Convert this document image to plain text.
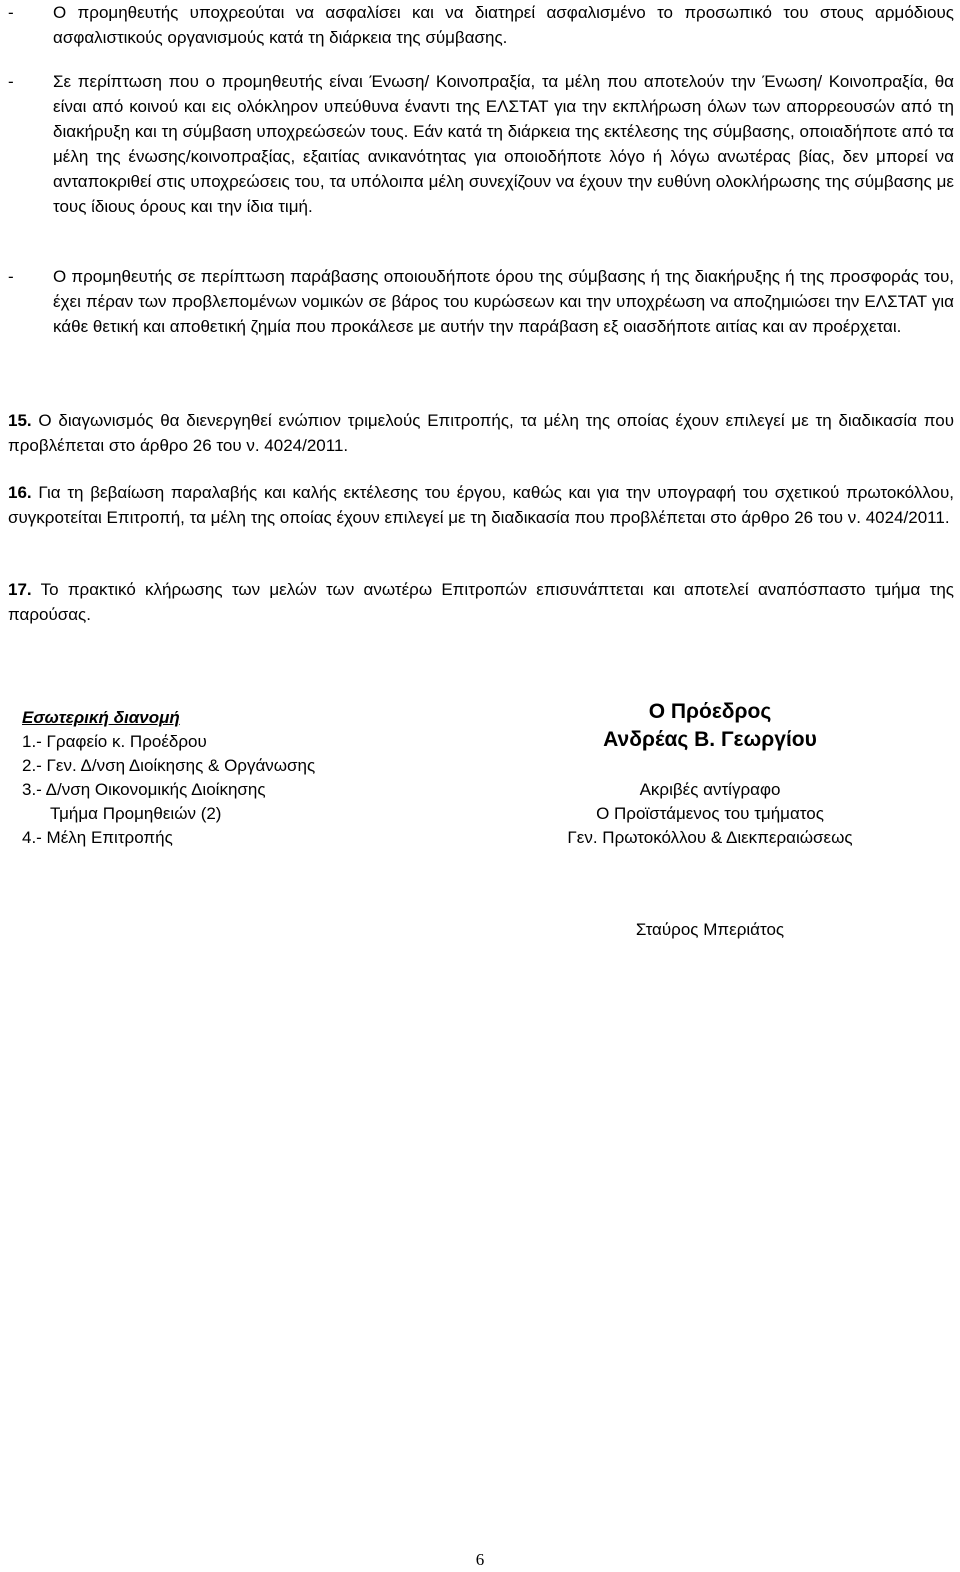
- Ο προμηθευτής υποχρεούται να ασφαλίσει και να διατηρεί ασφαλισμένο το προσωπικό του στους αρμόδιους ασφαλιστικούς οργανισμούς κατά τη διάρκεια της σύμβασης.
- Σε περίπτωση που ο προμηθευτής είναι Ένωση/ Κοινοπραξία, τα μέλη που αποτελούν την Ένωση/ Κοινοπραξία, θα είναι από κοινού και εις ολόκληρον υπεύθυνα έναντι της ΕΛΣΤΑΤ για την εκπλήρωση όλων των απορρεουσών από τη διακήρυξη και τη σύμβαση υποχρεώσεών τους. Εάν κατά τη διάρκεια της εκτέλεσης της σύμβασης, οποιαδήποτε από τα μέλη της ένωσης/κοινοπραξίας, εξαιτίας ανικανότητας για οποιοδήποτε λόγο ή λόγω ανωτέρας βίας, δεν μπορεί να ανταποκριθεί στις υποχρεώσεις του, τα υπόλοιπα μέλη συνεχίζουν να έχουν την ευθύνη ολοκλήρωσης της σύμβασης με τους ίδιους όρους και την ίδια τιμή.
- Ο προμηθευτής σε περίπτωση παράβασης οποιουδήποτε όρου της σύμβασης ή της διακήρυξης ή της προσφοράς του, έχει πέραν των προβλεπομένων νομικών σε βάρος του κυρώσεων και την υποχρέωση να αποζημιώσει την ΕΛΣΤΑΤ για κάθε θετική και αποθετική ζημία που προκάλεσε με αυτήν την παράβαση εξ οιασδήποτε αιτίας και αν προέρχεται.
15. Ο διαγωνισμός θα διενεργηθεί ενώπιον τριμελούς Επιτροπής, τα μέλη της οποίας έχουν επιλεγεί με τη διαδικασία που προβλέπεται στο άρθρο 26 του ν. 4024/2011.
16. Για τη βεβαίωση παραλαβής και καλής εκτέλεσης του έργου, καθώς και για την υπογραφή του σχετικού πρωτοκόλλου, συγκροτείται Επιτροπή, τα μέλη της οποίας έχουν επιλεγεί με τη διαδικασία που προβλέπεται στο άρθρο 26 του ν. 4024/2011.
17. Το πρακτικό κλήρωσης των μελών των ανωτέρω Επιτροπών επισυνάπτεται και αποτελεί αναπόσπαστο τμήμα της παρούσας.
Εσωτερική διανομή
1.- Γραφείο κ. Προέδρου
2.- Γεν. Δ/νση Διοίκησης & Οργάνωσης
3.- Δ/νση Οικονομικής Διοίκησης
Τμήμα Προμηθειών (2)
4.- Μέλη Επιτροπής
Ο Πρόεδρος
Ανδρέας Β. Γεωργίου
Ακριβές αντίγραφο
Ο Προϊστάμενος του τμήματος
Γεν. Πρωτοκόλλου & Διεκπεραιώσεως
Σταύρος Μπεριάτος
6
